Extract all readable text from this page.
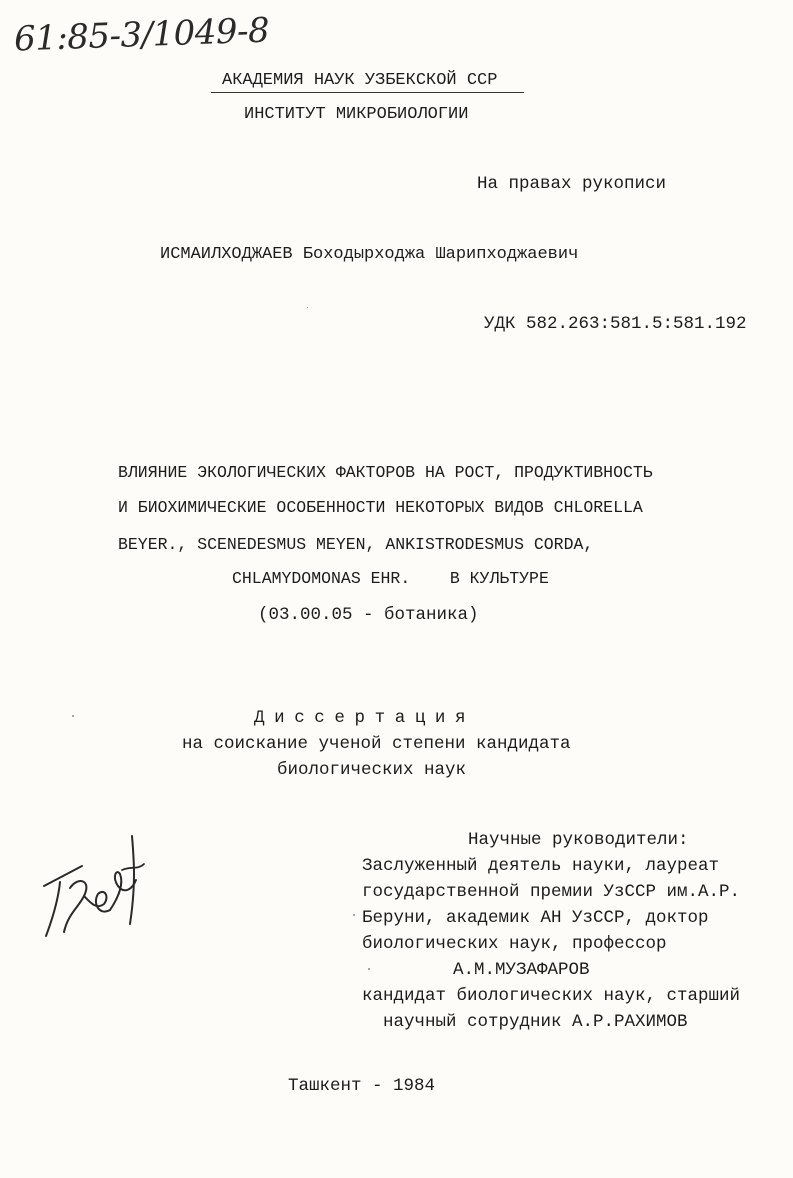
61:85-3/1049-8
АКАДЕМИЯ НАУК УЗБЕКСКОЙ ССР
ИНСТИТУТ МИКРОБИОЛОГИИ
На правах рукописи
ИСМАИЛХОДЖАЕВ Боходырходжа Шарипходжаевич
УДК 582.263:581.5:581.192
ВЛИЯНИЕ ЭКОЛОГИЧЕСКИХ ФАКТОРОВ НА РОСТ, ПРОДУКТИВНОСТЬ
И БИОХИМИЧЕСКИЕ ОСОБЕННОСТИ НЕКОТОРЫХ ВИДОВ CHLORELLA
BEYER., SCENEDESMUS MEYEN, ANKISTRODESMUS CORDA,
CHLAMYDOMONAS EHR.    В КУЛЬТУРЕ
(03.00.05 - ботаника)
Диссертация
на соискание ученой степени кандидата
биологических наук
Научные руководители:
Заслуженный деятель науки, лауреат
государственной премии УзССР им.А.Р.
Беруни, академик АН УзССР, доктор
биологических наук, профессор
А.М.МУЗАФАРОВ
кандидат биологических наук, старший
научный сотрудник А.Р.РАХИМОВ
Ташкент - 1984
